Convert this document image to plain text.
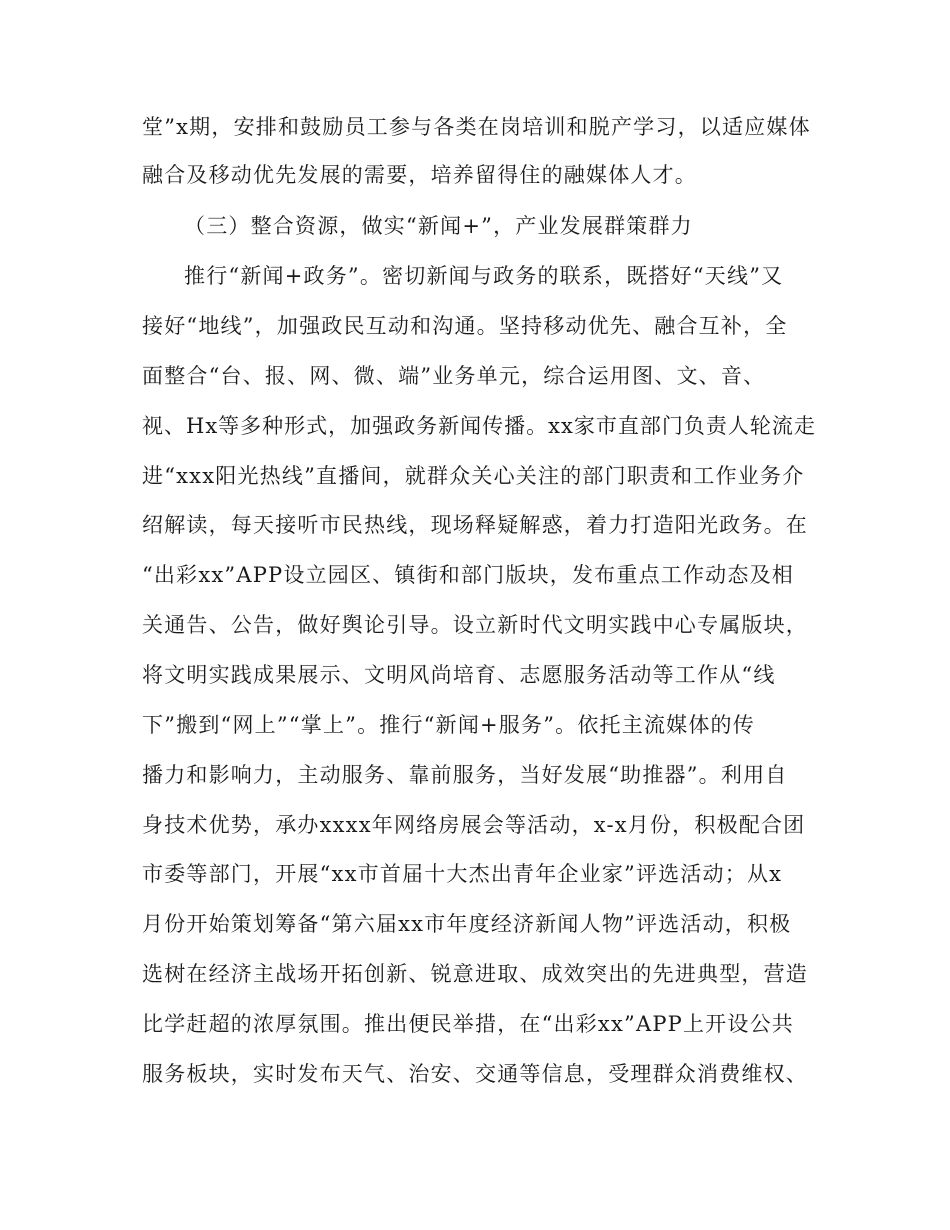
堂”x期，安排和鼓励员工参与各类在岗培训和脱产学习，以适应媒体
融合及移动优先发展的需要，培养留得住的融媒体人才。
（三）整合资源，做实“新闻+”，产业发展群策群力
推行“新闻+政务”。密切新闻与政务的联系，既搭好“天线”又
接好“地线”，加强政民互动和沟通。坚持移动优先、融合互补，全
面整合“台、报、网、微、端”业务单元，综合运用图、文、音、
视、Hx等多种形式，加强政务新闻传播。xx家市直部门负责人轮流走
进“xxx阳光热线”直播间，就群众关心关注的部门职责和工作业务介
绍解读，每天接听市民热线，现场释疑解惑，着力打造阳光政务。在
“出彩xx”APP设立园区、镇街和部门版块，发布重点工作动态及相
关通告、公告，做好舆论引导。设立新时代文明实践中心专属版块，
将文明实践成果展示、文明风尚培育、志愿服务活动等工作从“线
下”搬到“网上”“掌上”。推行“新闻+服务”。依托主流媒体的传
播力和影响力，主动服务、靠前服务，当好发展“助推器”。利用自
身技术优势，承办xxxx年网络房展会等活动，x-x月份，积极配合团
市委等部门，开展“xx市首届十大杰出青年企业家”评选活动；从x
月份开始策划筹备“第六届xx市年度经济新闻人物”评选活动，积极
选树在经济主战场开拓创新、锐意进取、成效突出的先进典型，营造
比学赶超的浓厚氛围。推出便民举措，在“出彩xx”APP上开设公共
服务板块，实时发布天气、治安、交通等信息，受理群众消费维权、
